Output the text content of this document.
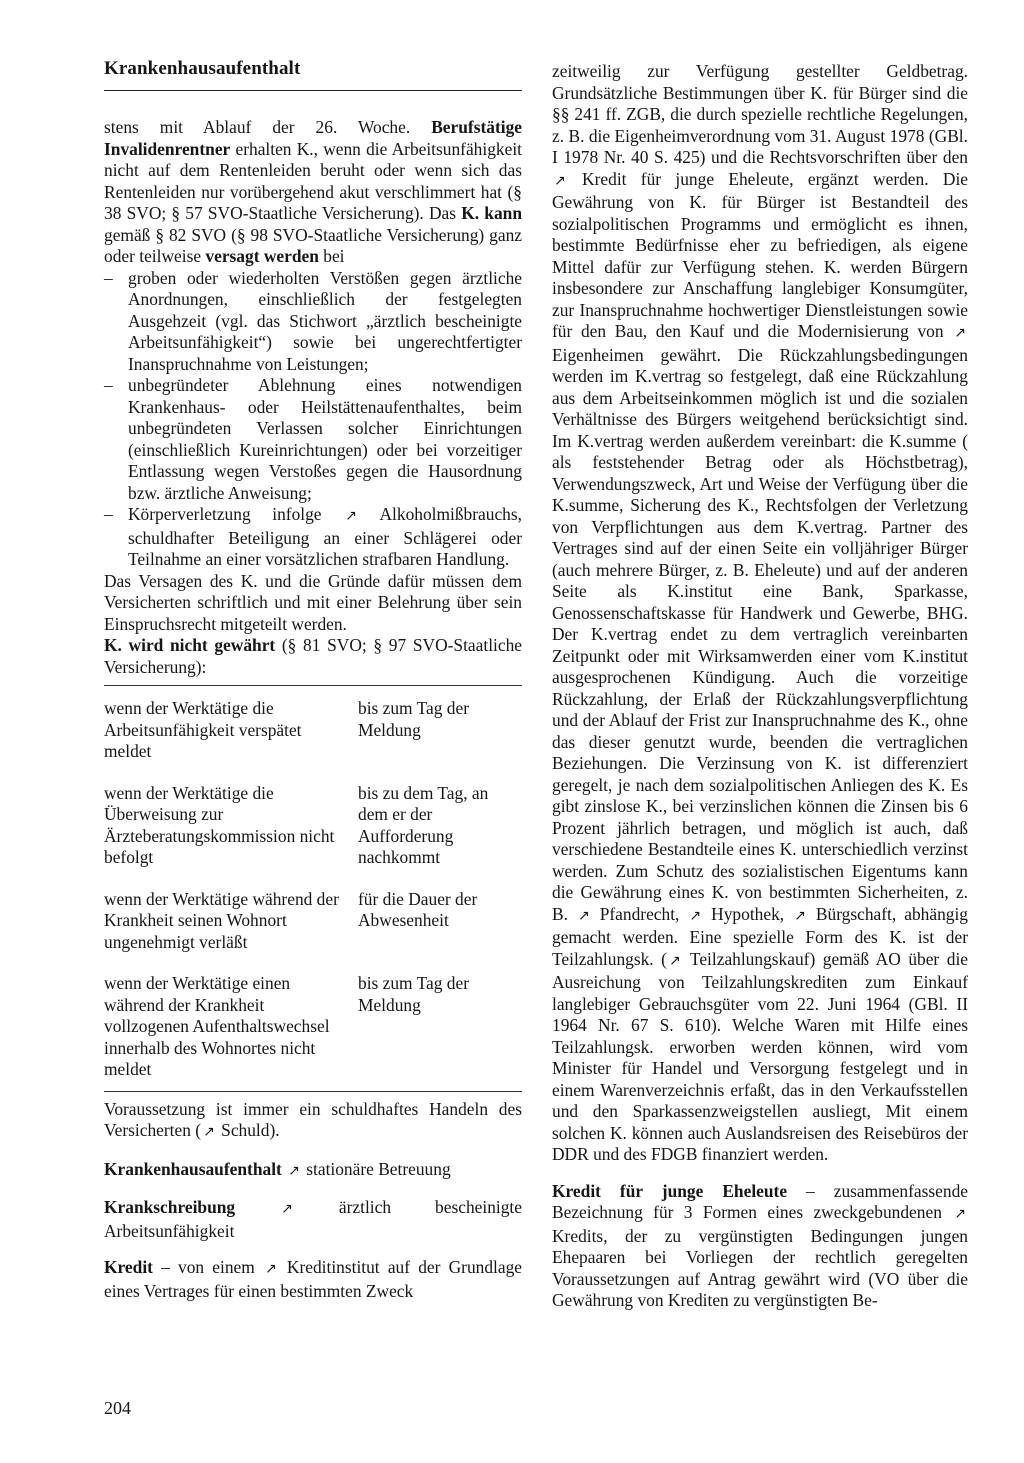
Krankenhausaufenthalt

stens mit Ablauf der 26. Woche. Berufstätige Invalidenrentner erhalten K., wenn die Arbeitsunfähigkeit nicht auf dem Rentenleiden beruht oder wenn sich das Rentenleiden nur vorübergehend akut verschlimmert hat (§ 38 SVO; § 57 SVO-Staatliche Versicherung). Das K. kann gemäß § 82 SVO (§ 98 SVO-Staatliche Versicherung) ganz oder teilweise versagt werden bei

– groben oder wiederholten Verstößen gegen ärztliche Anordnungen, einschließlich der festgelegten Ausgehzeit (vgl. das Stichwort „ärztlich bescheinigte Arbeitsunfähigkeit“) sowie bei ungerechtfertigter Inanspruchnahme von Leistungen;
– unbegründeter Ablehnung eines notwendigen Krankenhaus- oder Heilstättenaufenthaltes, beim unbegründeten Verlassen solcher Einrichtungen (einschließlich Kureinrichtungen) oder bei vorzeitiger Entlassung wegen Verstoßes gegen die Hausordnung bzw. ärztliche Anweisung;
– Körperverletzung infolge ↗ Alkoholmißbrauchs, schuldhafter Beteiligung an einer Schlägerei oder Teilnahme an einer vorsätzlichen strafbaren Handlung.

Das Versagen des K. und die Gründe dafür müssen dem Versicherten schriftlich und mit einer Belehrung über sein Einspruchsrecht mitgeteilt werden.

K. wird nicht gewährt (§ 81 SVO; § 97 SVO-Staatliche Versicherung):

wenn der Werktätige die Arbeitsunfähigkeit verspätet meldet
bis zum Tag der Meldung
wenn der Werktätige die Überweisung zur Ärzteberatungskommission nicht befolgt
bis zu dem Tag, an dem er der Aufforderung nachkommt
wenn der Werktätige während der Krankheit seinen Wohnort ungenehmigt verläßt
für die Dauer der Abwesenheit
wenn der Werktätige einen während der Krankheit vollzogenen Aufenthaltswechsel innerhalb des Wohnortes nicht meldet
bis zum Tag der Meldung

Voraussetzung ist immer ein schuldhaftes Handeln des Versicherten ( ↗ Schuld).

Krankenhausaufenthalt ↗ stationäre Betreuung

Krankschreibung	↗ ärztlich bescheinigte Arbeitsunfähigkeit

Kredit – von einem ↗ Kreditinstitut auf der Grundlage eines Vertrages für einen bestimmten Zweck

zeitweilig zur Verfügung gestellter Geldbetrag. Grundsätzliche Bestimmungen über K. für Bürger sind die §§ 241 ff. ZGB, die durch spezielle rechtliche Regelungen, z. B. die Eigenheimverordnung vom 31. August 1978 (GBl. I 1978 Nr. 40 S. 425) und die Rechtsvorschriften über den ↗ Kredit für junge Eheleute, ergänzt werden. Die Gewährung von K. für Bürger ist Bestandteil des sozialpolitischen Programms und ermöglicht es ihnen, bestimmte Bedürfnisse eher zu befriedigen, als eigene Mittel dafür zur Verfügung stehen. K. werden Bürgern insbesondere zur Anschaffung langlebiger Konsumgüter, zur Inanspruchnahme hochwertiger Dienstleistungen sowie für den Bau, den Kauf und die Modernisierung von ↗ Eigenheimen gewährt. Die Rückzahlungsbedingungen werden im K.vertrag so festgelegt, daß eine Rückzahlung aus dem Arbeitseinkommen möglich ist und die sozialen Verhältnisse des Bürgers weitgehend berücksichtigt sind. Im K.vertrag werden außerdem vereinbart: die K.summe ( als feststehender Betrag oder als Höchstbetrag), Verwendungszweck, Art und Weise der Verfügung über die K.summe, Sicherung des K., Rechtsfolgen der Verletzung von Verpflichtungen aus dem K.vertrag. Partner des Vertrages sind auf der einen Seite ein volljähriger Bürger (auch mehrere Bürger, z. B. Eheleute) und auf der anderen Seite als K.institut eine Bank, Sparkasse, Genossenschaftskasse für Handwerk und Gewerbe, BHG. Der K.vertrag endet zu dem vertraglich vereinbarten Zeitpunkt oder mit Wirksamwerden einer vom K.institut ausgesprochenen Kündigung. Auch die vorzeitige Rückzahlung, der Erlaß der Rückzahlungsverpflichtung und der Ablauf der Frist zur Inanspruchnahme des K., ohne das dieser genutzt wurde, beenden die vertraglichen Beziehungen. Die Verzinsung von K. ist differenziert geregelt, je nach dem sozialpolitischen Anliegen des K. Es gibt zinslose K., bei verzinslichen können die Zinsen bis 6 Prozent jährlich betragen, und möglich ist auch, daß verschiedene Bestandteile eines K. unterschiedlich verzinst werden. Zum Schutz des sozialistischen Eigentums kann die Gewährung eines K. von bestimmten Sicherheiten, z. B. ↗ Pfandrecht, ↗ Hypothek, ↗ Bürgschaft, abhängig gemacht werden. Eine spezielle Form des K. ist der Teilzahlungsk. ( ↗ Teilzahlungskauf) gemäß AO über die Ausreichung von Teilzahlungskrediten zum Einkauf langlebiger Gebrauchsgüter vom 22. Juni 1964 (GBl. II 1964 Nr. 67 S. 610). Welche Waren mit Hilfe eines Teilzahlungsk. erworben werden können, wird vom Minister für Handel und Versorgung festgelegt und in einem Warenverzeichnis erfaßt, das in den Verkaufsstellen und den Sparkassenzweigstellen ausliegt, Mit einem solchen K. können auch Auslandsreisen des Reisebüros der DDR und des FDGB finanziert werden.

Kredit für junge Eheleute – zusammenfassende Bezeichnung für 3 Formen eines zweckgebundenen ↗ Kredits, der zu vergünstigten Bedingungen jungen Ehepaaren bei Vorliegen der rechtlich geregelten Voraussetzungen auf Antrag gewährt wird (VO über die Gewährung von Krediten zu vergünstigten Be-

204
